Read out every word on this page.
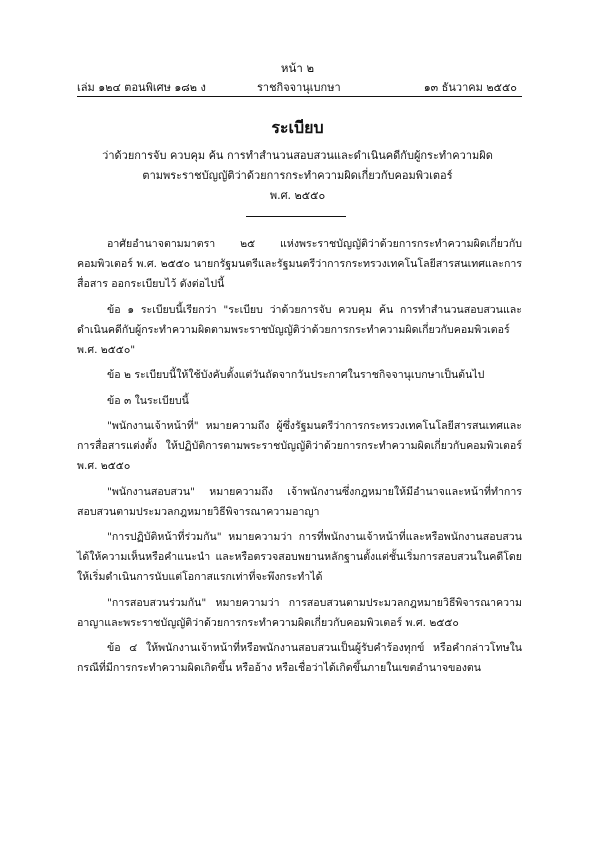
หน้า ๒
เล่ม ๑๒๔ ตอนพิเศษ ๑๘๒ ง	ราชกิจจานุเบกษา	๑๓ ธันวาคม ๒๕๕๐
ระเบียบ
ว่าด้วยการจับ ควบคุม ค้น การทำสำนวนสอบสวนและดำเนินคดีกับผู้กระทำความผิด
ตามพระราชบัญญัติว่าด้วยการกระทำความผิดเกี่ยวกับคอมพิวเตอร์
พ.ศ. ๒๕๕๐

อาศัยอำนาจตามมาตรา ๒๕ แห่งพระราชบัญญัติว่าด้วยการกระทำความผิดเกี่ยวกับคอมพิวเตอร์ พ.ศ. ๒๕๕๐ นายกรัฐมนตรีและรัฐมนตรีว่าการกระทรวงเทคโนโลยีสารสนเทศและการสื่อสาร ออกระเบียบไว้ ดังต่อไปนี้

ข้อ ๑ ระเบียบนี้เรียกว่า "ระเบียบ ว่าด้วยการจับ ควบคุม ค้น การทำสำนวนสอบสวนและดำเนินคดีกับผู้กระทำความผิดตามพระราชบัญญัติว่าด้วยการกระทำความผิดเกี่ยวกับคอมพิวเตอร์ พ.ศ. ๒๕๕๐"

ข้อ ๒ ระเบียบนี้ให้ใช้บังคับตั้งแต่วันถัดจากวันประกาศในราชกิจจานุเบกษาเป็นต้นไป

ข้อ ๓ ในระเบียบนี้

"พนักงานเจ้าหน้าที่" หมายความถึง ผู้ซึ่งรัฐมนตรีว่าการกระทรวงเทคโนโลยีสารสนเทศและการสื่อสารแต่งตั้ง ให้ปฏิบัติการตามพระราชบัญญัติว่าด้วยการกระทำความผิดเกี่ยวกับคอมพิวเตอร์ พ.ศ. ๒๕๕๐

"พนักงานสอบสวน" หมายความถึง เจ้าพนักงานซึ่งกฎหมายให้มีอำนาจและหน้าที่ทำการสอบสวนตามประมวลกฎหมายวิธีพิจารณาความอาญา

"การปฏิบัติหน้าที่ร่วมกัน" หมายความว่า การที่พนักงานเจ้าหน้าที่และหรือพนักงานสอบสวนได้ให้ความเห็นหรือคำแนะนำ และหรือตรวจสอบพยานหลักฐานตั้งแต่ชั้นเริ่มการสอบสวนในคดีโดยให้เริ่มดำเนินการนับแต่โอกาสแรกเท่าที่จะพึงกระทำได้

"การสอบสวนร่วมกัน" หมายความว่า การสอบสวนตามประมวลกฎหมายวิธีพิจารณาความอาญาและพระราชบัญญัติว่าด้วยการกระทำความผิดเกี่ยวกับคอมพิวเตอร์ พ.ศ. ๒๕๕๐

ข้อ ๔ ให้พนักงานเจ้าหน้าที่หรือพนักงานสอบสวนเป็นผู้รับคำร้องทุกข์ หรือคำกล่าวโทษในกรณีที่มีการกระทำความผิดเกิดขึ้น หรืออ้าง หรือเชื่อว่าได้เกิดขึ้นภายในเขตอำนาจของตน
